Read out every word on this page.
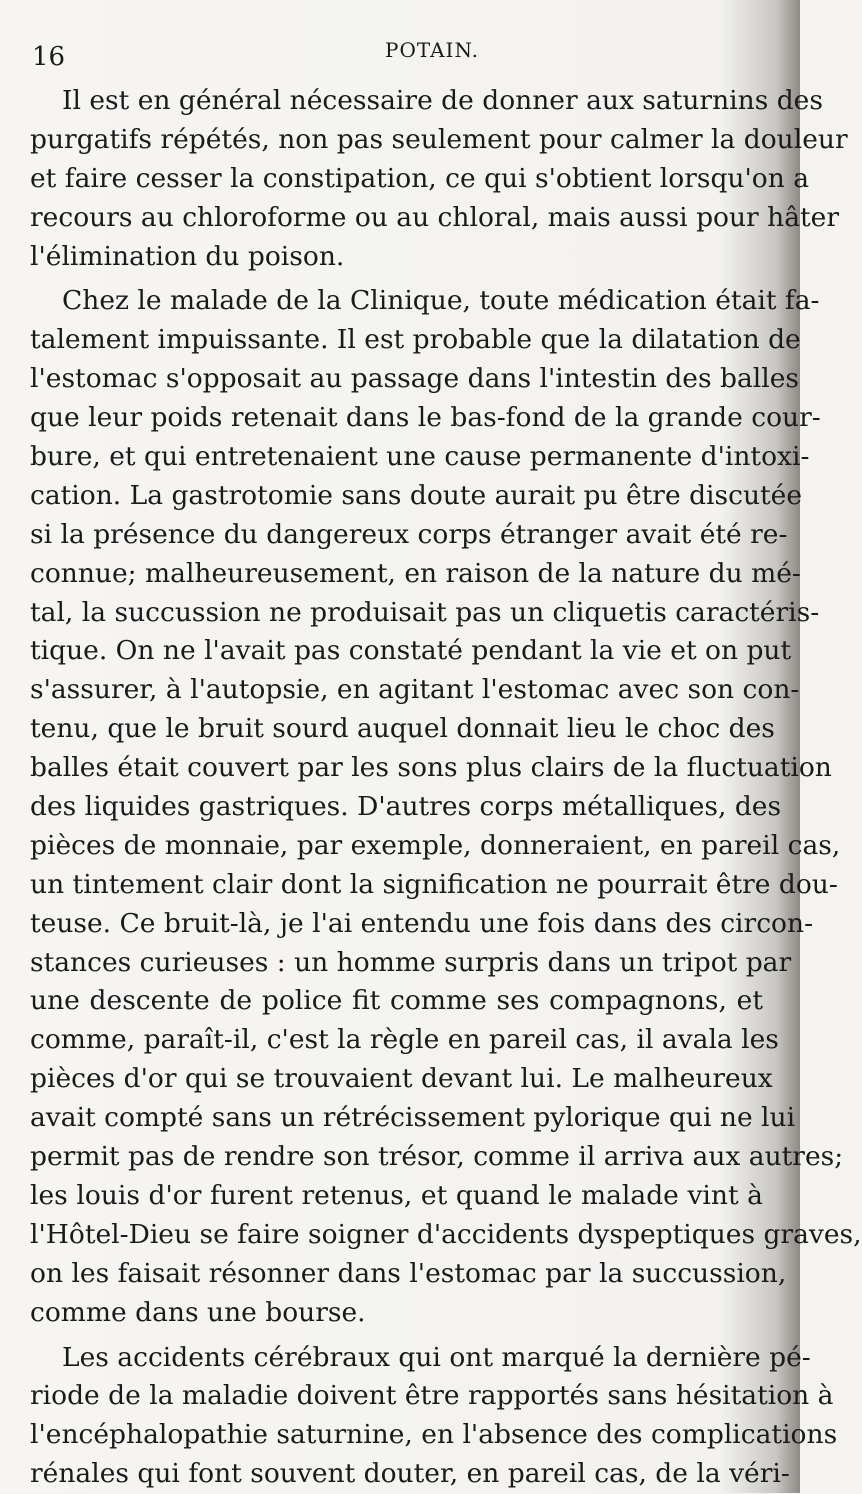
16	POTAIN.
Il est en général nécessaire de donner aux saturnins des
purgatifs répétés, non pas seulement pour calmer la douleur
et faire cesser la constipation, ce qui s'obtient lorsqu'on a
recours au chloroforme ou au chloral, mais aussi pour hâter
l'élimination du poison.
Chez le malade de la Clinique, toute médication était fa-
talement impuissante. Il est probable que la dilatation de
l'estomac s'opposait au passage dans l'intestin des balles
que leur poids retenait dans le bas-fond de la grande cour-
bure, et qui entretenaient une cause permanente d'intoxi-
cation. La gastrotomie sans doute aurait pu être discutée
si la présence du dangereux corps étranger avait été re-
connue; malheureusement, en raison de la nature du mé-
tal, la succussion ne produisait pas un cliquetis caractéris-
tique. On ne l'avait pas constaté pendant la vie et on put
s'assurer, à l'autopsie, en agitant l'estomac avec son con-
tenu, que le bruit sourd auquel donnait lieu le choc des
balles était couvert par les sons plus clairs de la fluctuation
des liquides gastriques. D'autres corps métalliques, des
pièces de monnaie, par exemple, donneraient, en pareil cas,
un tintement clair dont la signification ne pourrait être dou-
teuse. Ce bruit-là, je l'ai entendu une fois dans des circon-
stances curieuses : un homme surpris dans un tripot par
une descente de police fit comme ses compagnons, et
comme, paraît-il, c'est la règle en pareil cas, il avala les
pièces d'or qui se trouvaient devant lui. Le malheureux
avait compté sans un rétrécissement pylorique qui ne lui
permit pas de rendre son trésor, comme il arriva aux autres;
les louis d'or furent retenus, et quand le malade vint à
l'Hôtel-Dieu se faire soigner d'accidents dyspeptiques graves,
on les faisait résonner dans l'estomac par la succussion,
comme dans une bourse.
Les accidents cérébraux qui ont marqué la dernière pé-
riode de la maladie doivent être rapportés sans hésitation à
l'encéphalopathie saturnine, en l'absence des complications
rénales qui font souvent douter, en pareil cas, de la véri-
